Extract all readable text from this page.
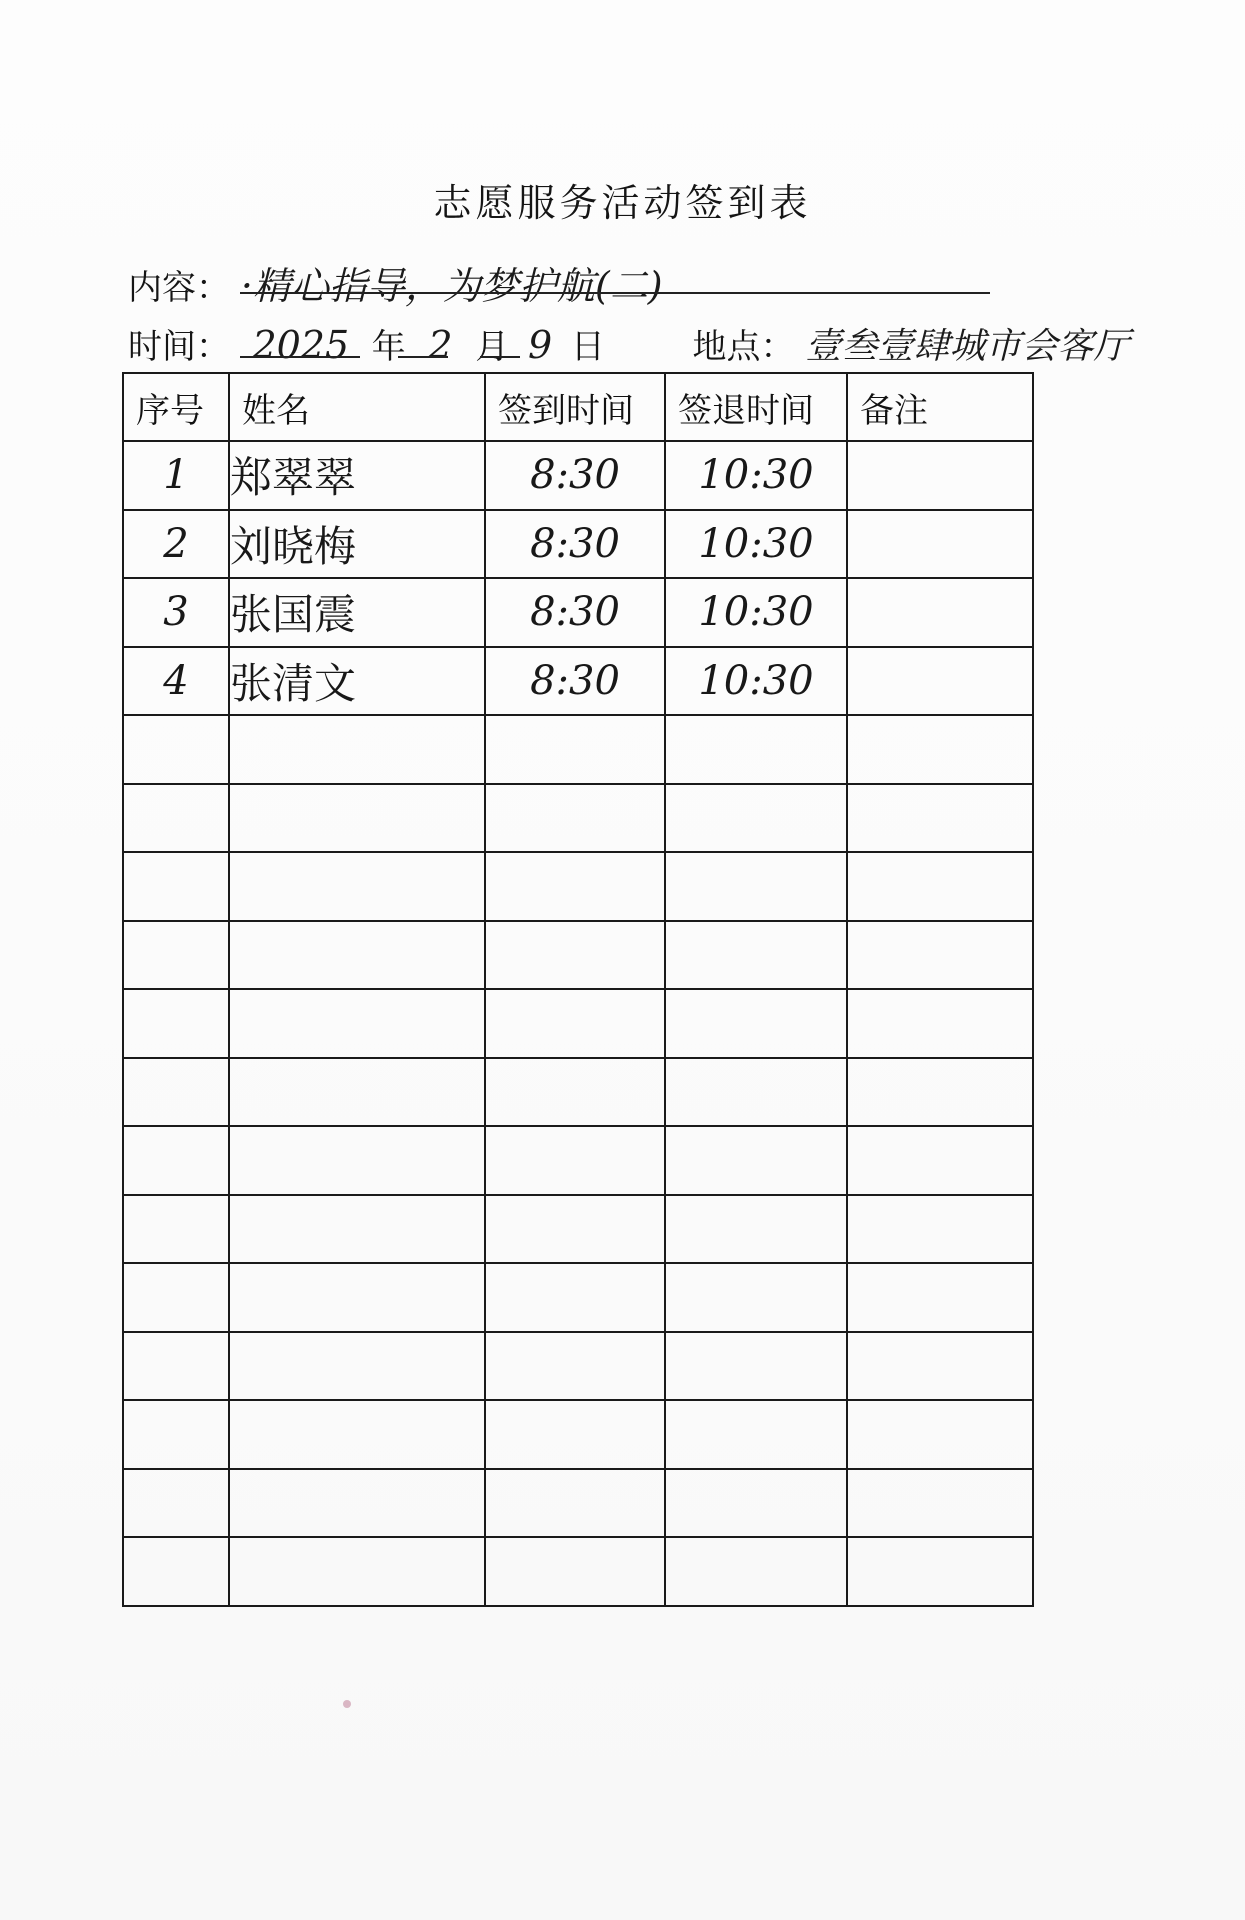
志愿服务活动签到表
内容： ·精心指导，为梦护航(二)
时间： 2025 年 2 月 9 日	地点： 壹叁壹肆城市会客厅
序号	姓名	签到时间	签退时间	备注
1	郑翠翠	8:30	10:30	
2	刘晓梅	8:30	10:30	
3	张国震	8:30	10:30	
4	张清文	8:30	10:30	
